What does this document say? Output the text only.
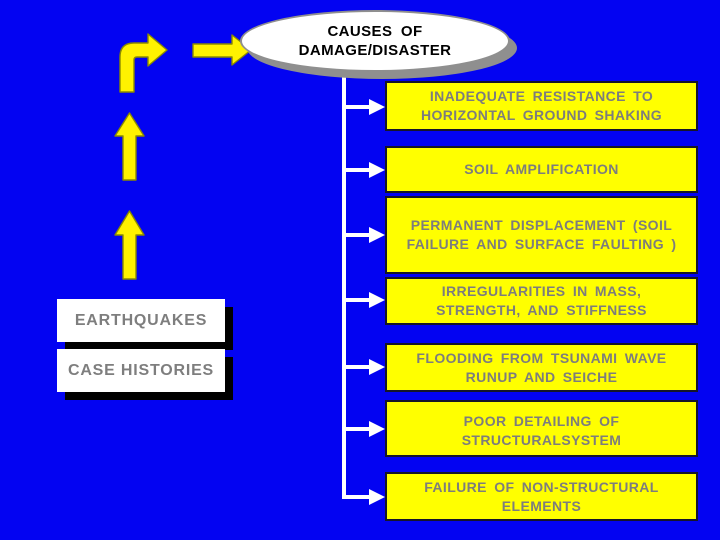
CAUSES OF
DAMAGE/DISASTER
EARTHQUAKES
CASE HISTORIES
INADEQUATE RESISTANCE TO HORIZONTAL GROUND SHAKING
SOIL AMPLIFICATION
PERMANENT DISPLACEMENT (SOIL FAILURE AND SURFACE FAULTING )
IRREGULARITIES IN MASS, STRENGTH, AND STIFFNESS
FLOODING FROM TSUNAMI WAVE RUNUP AND SEICHE
POOR DETAILING OF STRUCTURALSYSTEM
FAILURE OF NON-STRUCTURAL ELEMENTS
